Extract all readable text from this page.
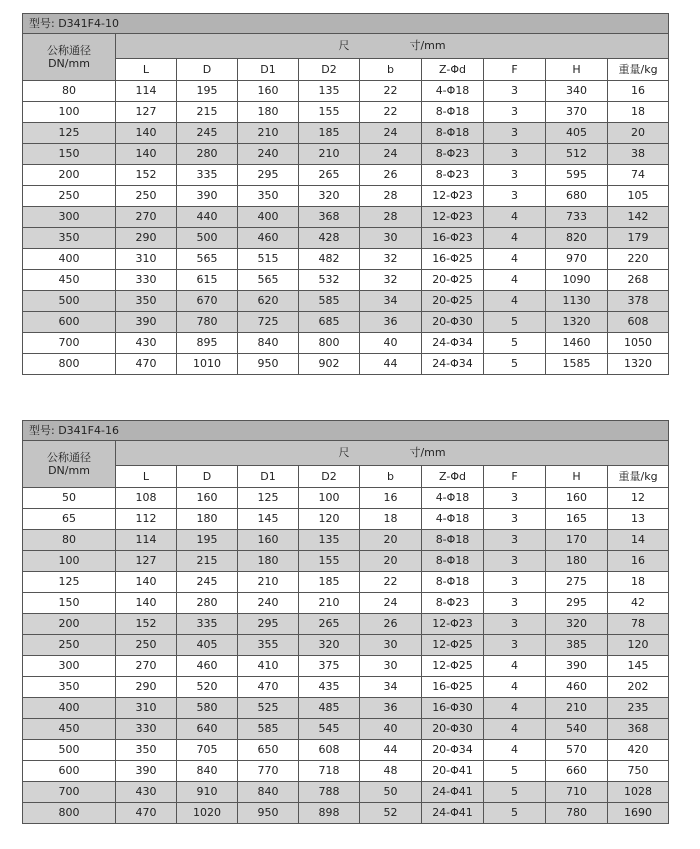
型号: D341F4-10									
公称通径
DN/mm	尺 寸/mm								
	L	D	D1	D2	b	Z-Φd	F	H	重量/kg
80	114	195	160	135	22	4-Φ18	3	340	16
100	127	215	180	155	22	8-Φ18	3	370	18
125	140	245	210	185	24	8-Φ18	3	405	20
150	140	280	240	210	24	8-Φ23	3	512	38
200	152	335	295	265	26	8-Φ23	3	595	74
250	250	390	350	320	28	12-Φ23	3	680	105
300	270	440	400	368	28	12-Φ23	4	733	142
350	290	500	460	428	30	16-Φ23	4	820	179
400	310	565	515	482	32	16-Φ25	4	970	220
450	330	615	565	532	32	20-Φ25	4	1090	268
500	350	670	620	585	34	20-Φ25	4	1130	378
600	390	780	725	685	36	20-Φ30	5	1320	608
700	430	895	840	800	40	24-Φ34	5	1460	1050
800	470	1010	950	902	44	24-Φ34	5	1585	1320
型号: D341F4-16									
公称通径
DN/mm	尺 寸/mm								
	L	D	D1	D2	b	Z-Φd	F	H	重量/kg
50	108	160	125	100	16	4-Φ18	3	160	12
65	112	180	145	120	18	4-Φ18	3	165	13
80	114	195	160	135	20	8-Φ18	3	170	14
100	127	215	180	155	20	8-Φ18	3	180	16
125	140	245	210	185	22	8-Φ18	3	275	18
150	140	280	240	210	24	8-Φ23	3	295	42
200	152	335	295	265	26	12-Φ23	3	320	78
250	250	405	355	320	30	12-Φ25	3	385	120
300	270	460	410	375	30	12-Φ25	4	390	145
350	290	520	470	435	34	16-Φ25	4	460	202
400	310	580	525	485	36	16-Φ30	4	210	235
450	330	640	585	545	40	20-Φ30	4	540	368
500	350	705	650	608	44	20-Φ34	4	570	420
600	390	840	770	718	48	20-Φ41	5	660	750
700	430	910	840	788	50	24-Φ41	5	710	1028
800	470	1020	950	898	52	24-Φ41	5	780	1690
